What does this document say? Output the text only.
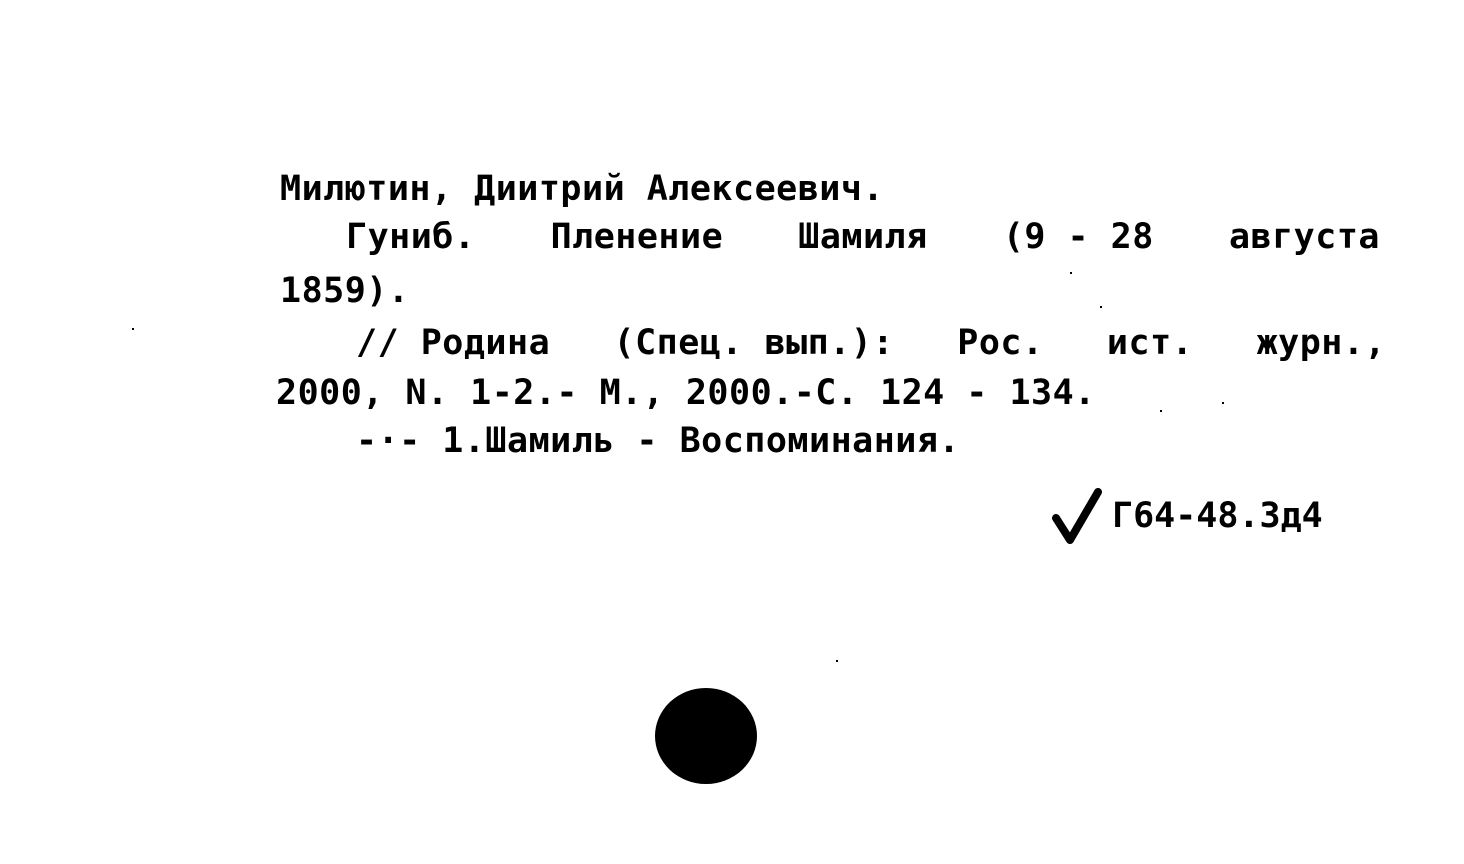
Милютин, Диитрий Алексеевич.
Гуниб. Пленение Шамиля (9 - 28 августа
1859).
// Родина (Спец. вып.): Рос. ист. журн.,
2000, N. 1-2.- М., 2000.-С. 124 - 134.
-·- 1.Шамиль - Воспоминания.
Г64-48.3д4
